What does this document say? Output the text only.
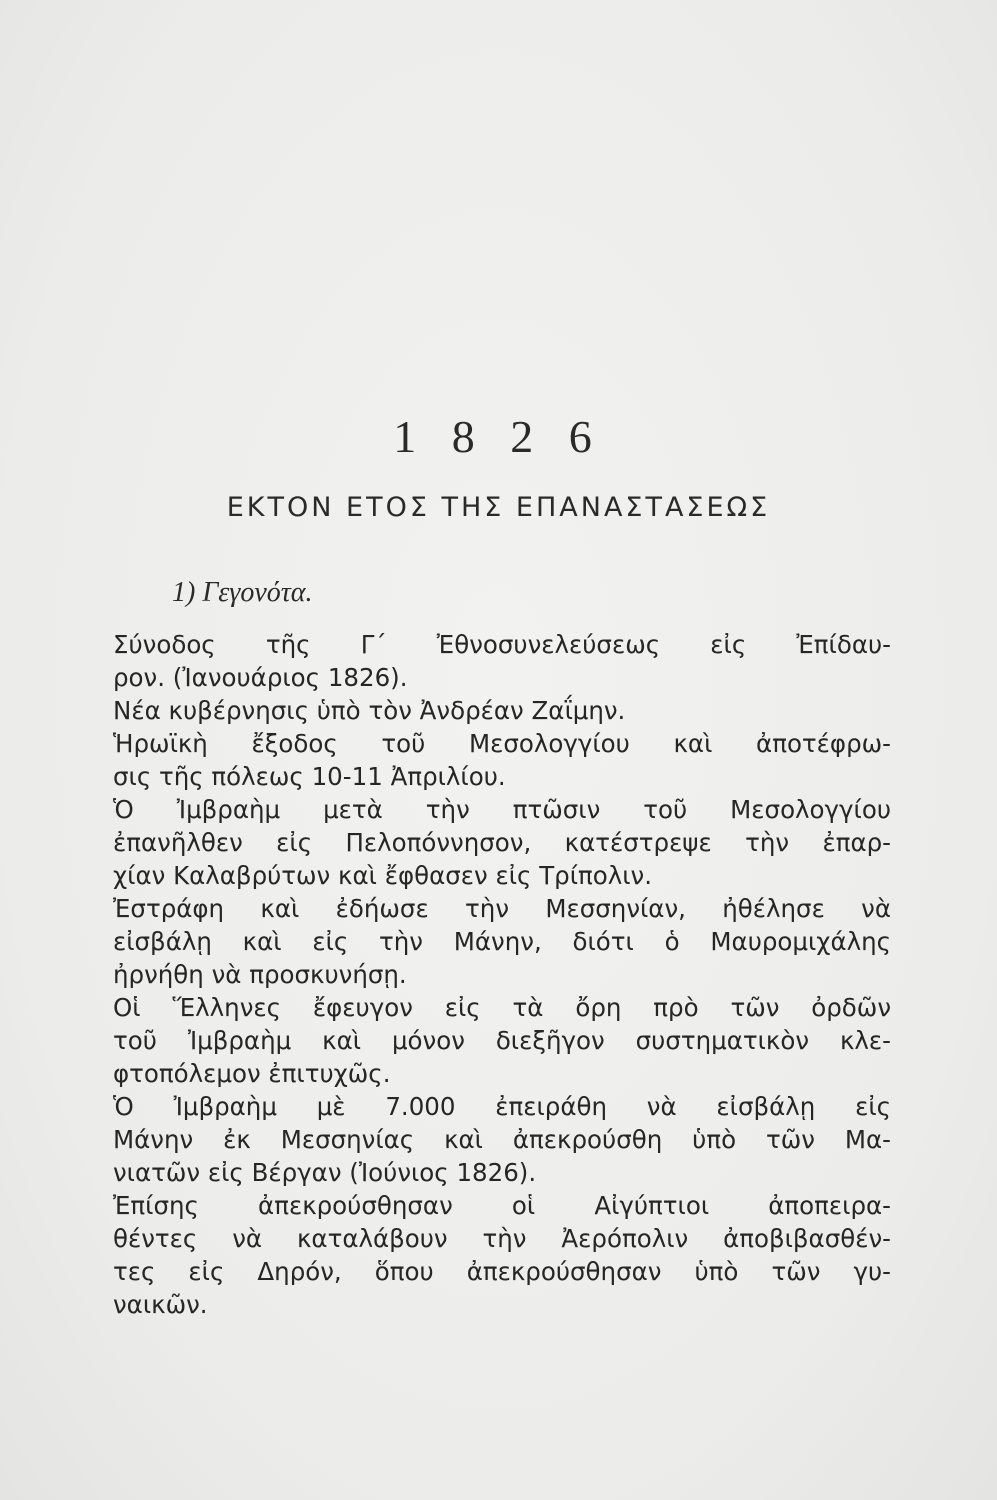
1 8 2 6
ΕΚΤΟΝ ΕΤΟΣ ΤΗΣ ΕΠΑΝΑΣΤΑΣΕΩΣ
1) Γεγονότα.
Σύνοδος τῆς Γ΄ Ἐθνοσυνελεύσεως εἰς Ἐπίδαυ-
ρον. (Ἰανουάριος 1826).
Νέα κυβέρνησις ὑπὸ τὸν Ἀνδρέαν Ζαΐμην.
Ἡρωϊκὴ ἔξοδος τοῦ Μεσολογγίου καὶ ἀποτέφρω-
σις τῆς πόλεως 10-11 Ἀπριλίου.
Ὁ Ἰμβραὴμ μετὰ τὴν πτῶσιν τοῦ Μεσολογγίου
ἐπανῆλθεν εἰς Πελοπόννησον, κατέστρεψε τὴν ἐπαρ-
χίαν Καλαβρύτων καὶ ἔφθασεν εἰς Τρίπολιν.
Ἐστράφη καὶ ἐδήωσε τὴν Μεσσηνίαν, ἠθέλησε νὰ
εἰσβάλῃ καὶ εἰς τὴν Μάνην, διότι ὁ Μαυρομιχάλης
ἠρνήθη νὰ προσκυνήσῃ.
Οἱ Ἕλληνες ἔφευγον εἰς τὰ ὄρη πρὸ τῶν ὀρδῶν
τοῦ Ἰμβραὴμ καὶ μόνον διεξῆγον συστηματικὸν κλε-
φτοπόλεμον ἐπιτυχῶς.
Ὁ Ἰμβραὴμ μὲ 7.000 ἐπειράθη νὰ εἰσβάλῃ εἰς
Μάνην ἐκ Μεσσηνίας καὶ ἀπεκρούσθη ὑπὸ τῶν Μα-
νιατῶν εἰς Βέργαν (Ἰούνιος 1826).
Ἐπίσης ἀπεκρούσθησαν οἱ Αἰγύπτιοι ἀποπειρα-
θέντες νὰ καταλάβουν τὴν Ἀερόπολιν ἀποβιβασθέν-
τες εἰς Δηρόν, ὅπου ἀπεκρούσθησαν ὑπὸ τῶν γυ-
ναικῶν.
